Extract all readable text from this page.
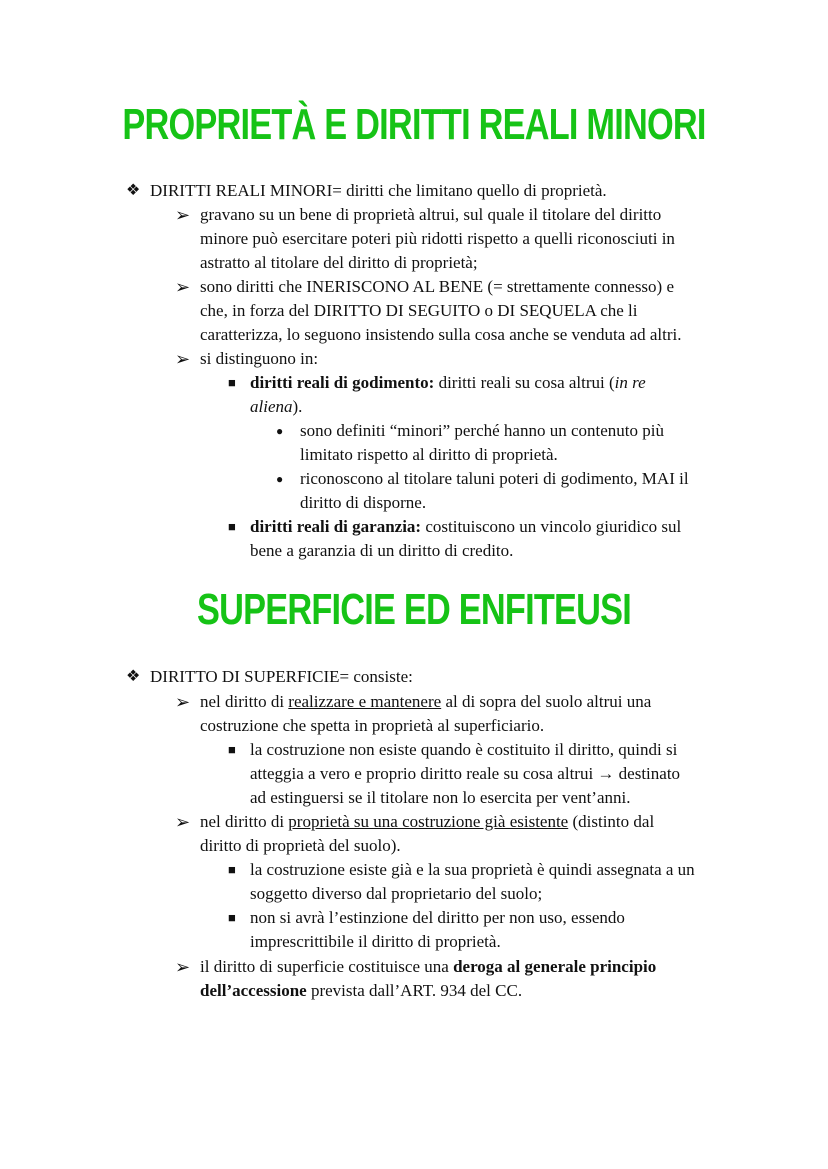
PROPRIETÀ E DIRITTI REALI MINORI
❖ DIRITTI REALI MINORI= diritti che limitano quello di proprietà.
➢ gravano su un bene di proprietà altrui, sul quale il titolare del diritto
minore può esercitare poteri più ridotti rispetto a quelli riconosciuti in
astratto al titolare del diritto di proprietà;
➢ sono diritti che INERISCONO AL BENE (= strettamente connesso) e
che, in forza del DIRITTO DI SEGUITO o DI SEQUELA che li
caratterizza, lo seguono insistendo sulla cosa anche se venduta ad altri.
➢ si distinguono in:
■ diritti reali di godimento: diritti reali su cosa altrui (in re
aliena).
● sono definiti “minori” perché hanno un contenuto più
limitato rispetto al diritto di proprietà.
● riconoscono al titolare taluni poteri di godimento, MAI il
diritto di disporne.
■ diritti reali di garanzia: costituiscono un vincolo giuridico sul
bene a garanzia di un diritto di credito.
SUPERFICIE ED ENFITEUSI
❖ DIRITTO DI SUPERFICIE= consiste:
➢ nel diritto di realizzare e mantenere al di sopra del suolo altrui una
costruzione che spetta in proprietà al superficiario.
■ la costruzione non esiste quando è costituito il diritto, quindi si
atteggia a vero e proprio diritto reale su cosa altrui → destinato
ad estinguersi se il titolare non lo esercita per vent’anni.
➢ nel diritto di proprietà su una costruzione già esistente (distinto dal
diritto di proprietà del suolo).
■ la costruzione esiste già e la sua proprietà è quindi assegnata a un
soggetto diverso dal proprietario del suolo;
■ non si avrà l’estinzione del diritto per non uso, essendo
imprescrittibile il diritto di proprietà.
➢ il diritto di superficie costituisce una deroga al generale principio
dell’accessione prevista dall’ART. 934 del CC.
